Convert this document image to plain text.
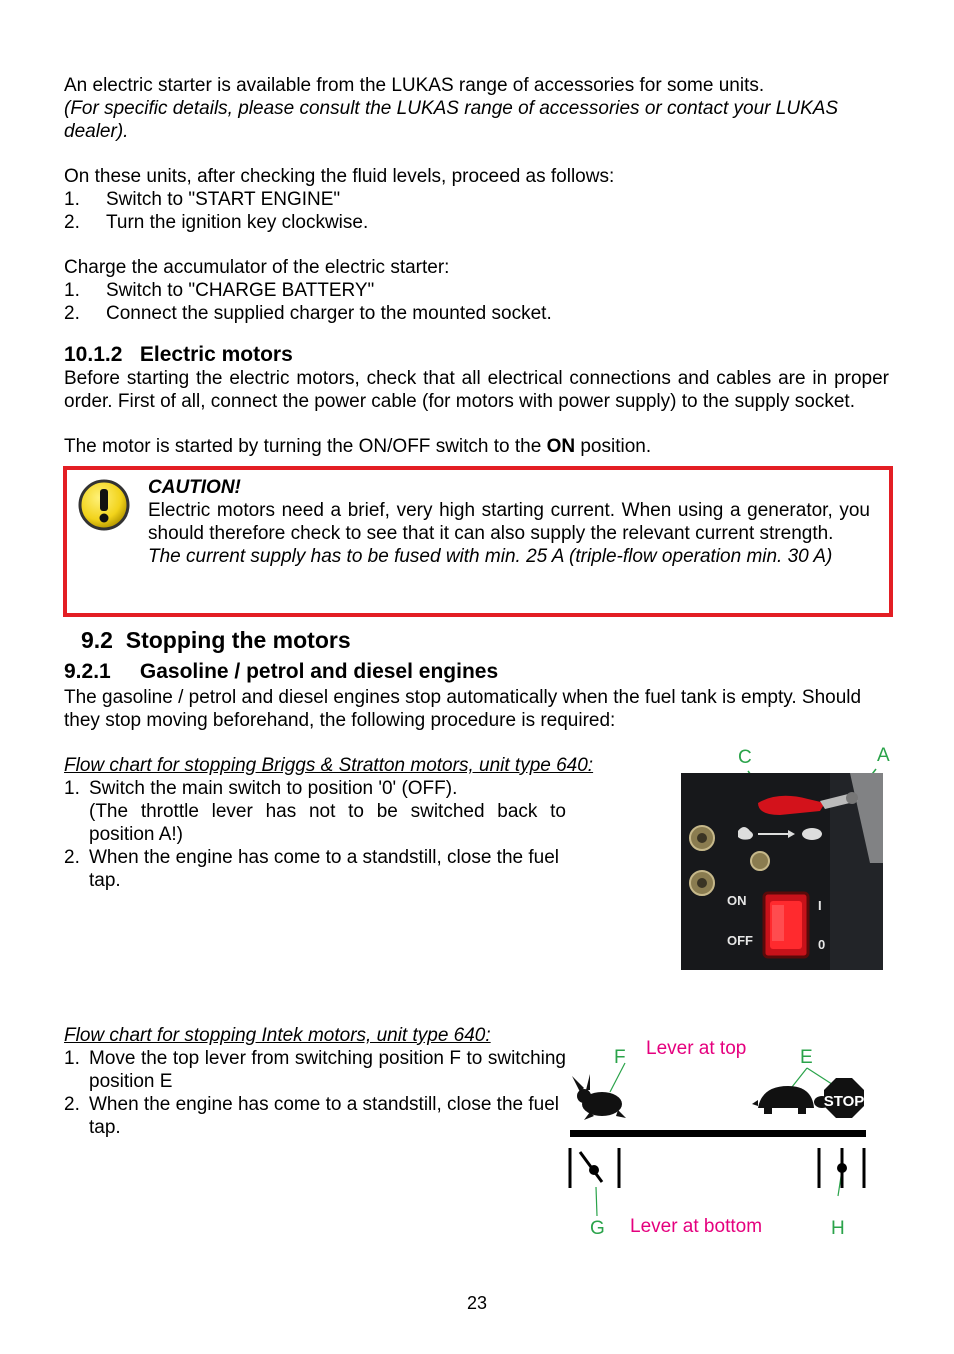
An electric starter is available from the LUKAS range of accessories for some units.
(For specific details, please consult the LUKAS range of accessories or contact your LUKAS dealer).
On these units, after checking the fluid levels, proceed as follows:
1. Switch to "START ENGINE"
2. Turn the ignition key clockwise.
Charge the accumulator of the electric starter:
1. Switch to "CHARGE BATTERY"
2. Connect the supplied charger to the mounted socket.
10.1.2   Electric motors
Before starting the electric motors, check that all electrical connections and cables are in proper order. First of all, connect the power cable (for motors with power supply) to the supply socket.
The motor is started by turning the ON/OFF switch to the ON position.
CAUTION!
Electric motors need a brief, very high starting current. When using a generator, you should therefore check to see that it can also supply the relevant current strength.
The current supply has to be fused with min. 25 A (triple-flow operation min. 30 A)
9.2  Stopping the motors
9.2.1     Gasoline / petrol and diesel engines
The gasoline / petrol and diesel engines stop automatically when the fuel tank is empty. Should they stop moving beforehand, the following procedure is required:
Flow chart for stopping Briggs & Stratton motors, unit type 640:
1. Switch the main switch to position '0' (OFF).
(The throttle lever has not to be switched back to position A!)
2. When the engine has come to a standstill, close the fuel tap.
ON
OFF
I
0
C	A
Flow chart for stopping Intek motors, unit type 640:
1. Move the top lever from switching position F to switching position E
2. When the engine has come to a standstill, close the fuel tap.
STOP
F Lever at top	E
G Lever at bottom	H
23
